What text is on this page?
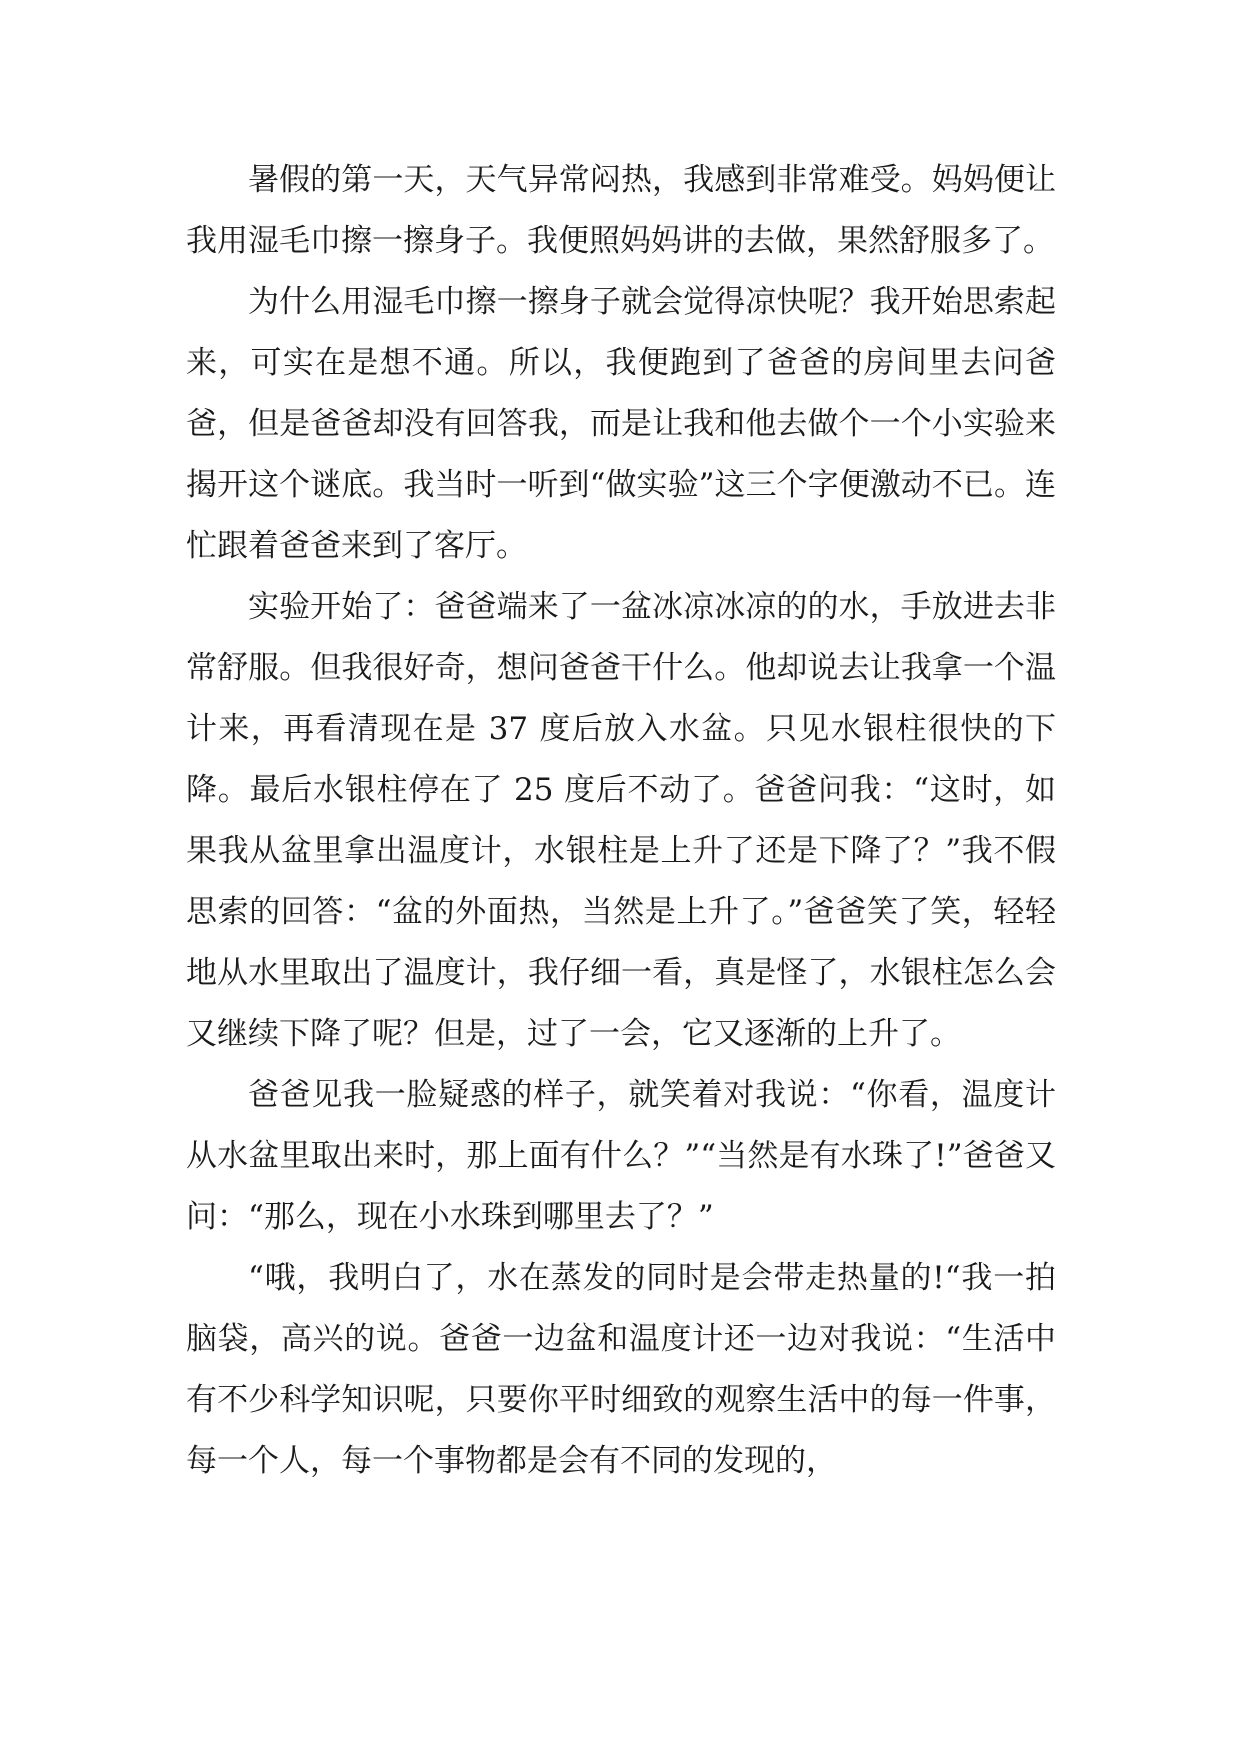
暑假的第一天，天气异常闷热，我感到非常难受。妈妈便让我用湿毛巾擦一擦身子。我便照妈妈讲的去做，果然舒服多了。

为什么用湿毛巾擦一擦身子就会觉得凉快呢？我开始思索起来，可实在是想不通。所以，我便跑到了爸爸的房间里去问爸爸，但是爸爸却没有回答我，而是让我和他去做个一个小实验来揭开这个谜底。我当时一听到“做实验”这三个字便激动不已。连忙跟着爸爸来到了客厅。

实验开始了：爸爸端来了一盆冰凉冰凉的的水，手放进去非常舒服。但我很好奇，想问爸爸干什么。他却说去让我拿一个温计来，再看清现在是 37 度后放入水盆。只见水银柱很快的下降。最后水银柱停在了 25 度后不动了。爸爸问我：“这时，如果我从盆里拿出温度计，水银柱是上升了还是下降了？”我不假思索的回答：“盆的外面热，当然是上升了。”爸爸笑了笑，轻轻地从水里取出了温度计，我仔细一看，真是怪了，水银柱怎么会又继续下降了呢？但是，过了一会，它又逐渐的上升了。

爸爸见我一脸疑惑的样子，就笑着对我说：“你看，温度计从水盆里取出来时，那上面有什么？”“当然是有水珠了!”爸爸又问：“那么，现在小水珠到哪里去了？”

“哦，我明白了，水在蒸发的同时是会带走热量的!“我一拍脑袋，高兴的说。爸爸一边盆和温度计还一边对我说：“生活中有不少科学知识呢，只要你平时细致的观察生活中的每一件事，每一个人，每一个事物都是会有不同的发现的，
